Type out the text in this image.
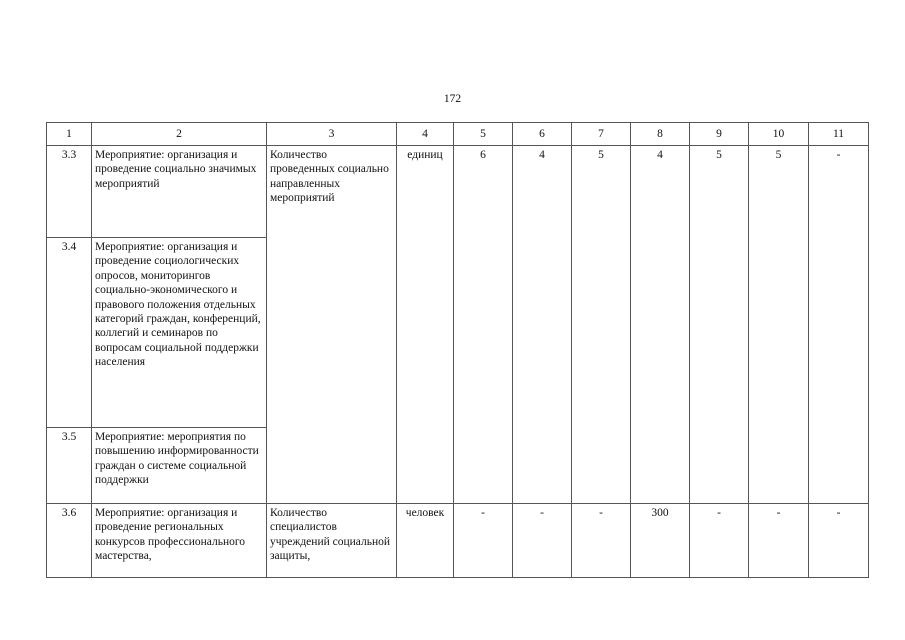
172
1	2	3	4	5	6	7	8	9	10	11
3.3	Мероприятие: организация и проведение социально значимых мероприятий	Количество проведенных социально направленных мероприятий	единиц	6	4	5	4	5	5	-
3.4	Мероприятие: организация и проведение социологических опросов, мониторингов социально-экономического и правового положения отдельных категорий граждан, конференций, коллегий и семинаров по вопросам социальной поддержки населения									
3.5	Мероприятие: мероприятия по повышению информированности граждан о системе социальной поддержки									
3.6	Мероприятие: организация и проведение региональных конкурсов профессионального мастерства,	Количество специалистов учреждений социальной защиты,	человек	-	-	-	300	-	-	-
